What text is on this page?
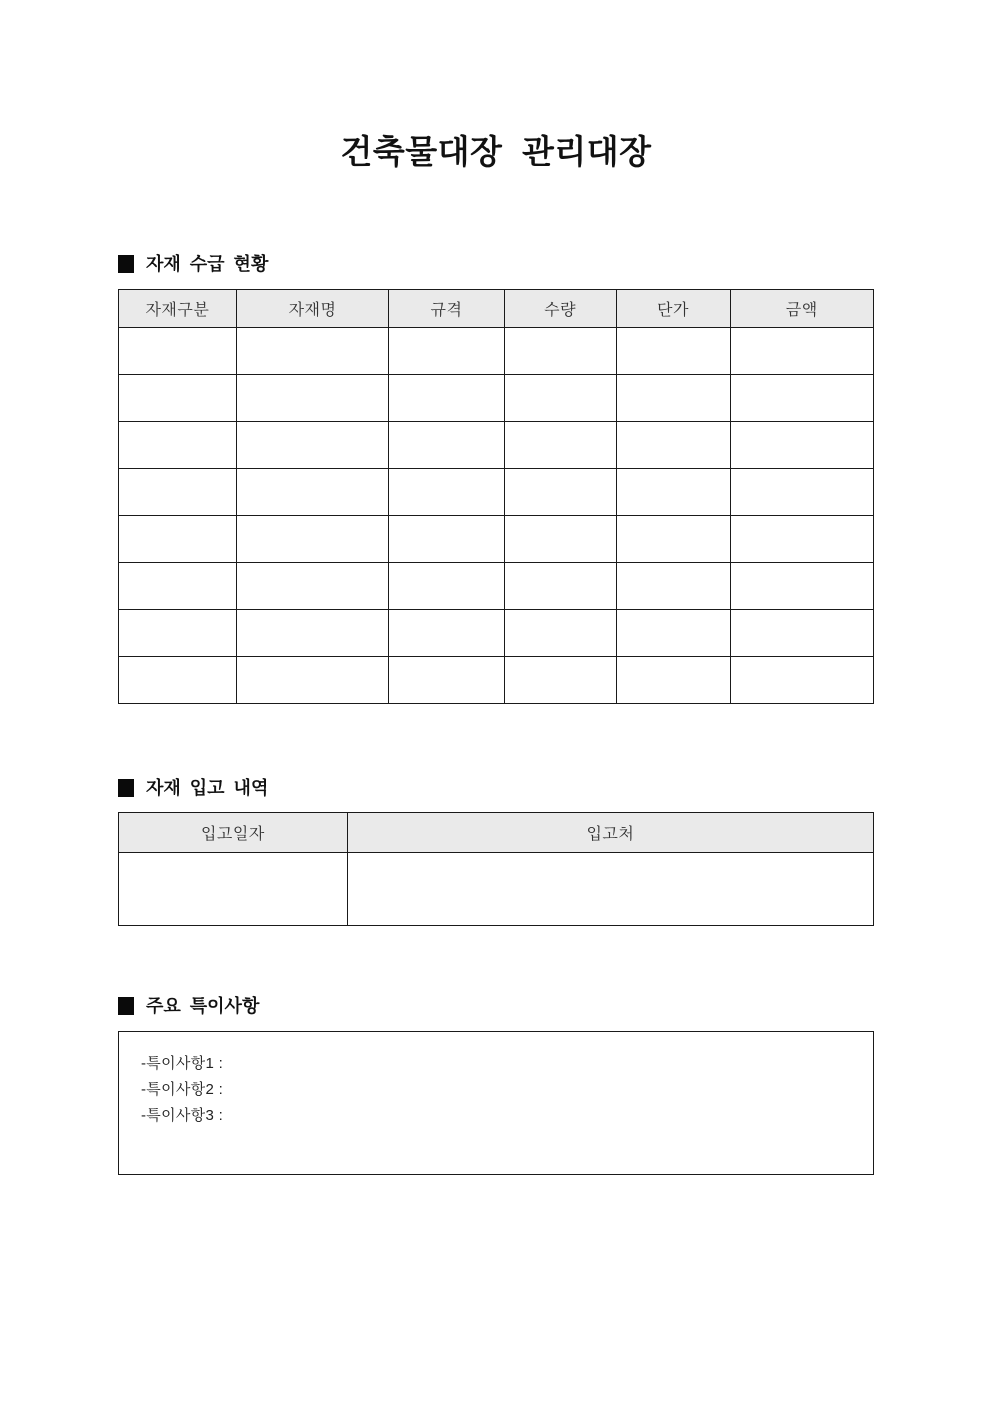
건축물대장 관리대장
자재 수급 현황
자재구분	자재명	규격	수량	단가	금액

자재 입고 내역
입고일자	입고처

주요 특이사항
-특이사항1 :
-특이사항2 :
-특이사항3 :
